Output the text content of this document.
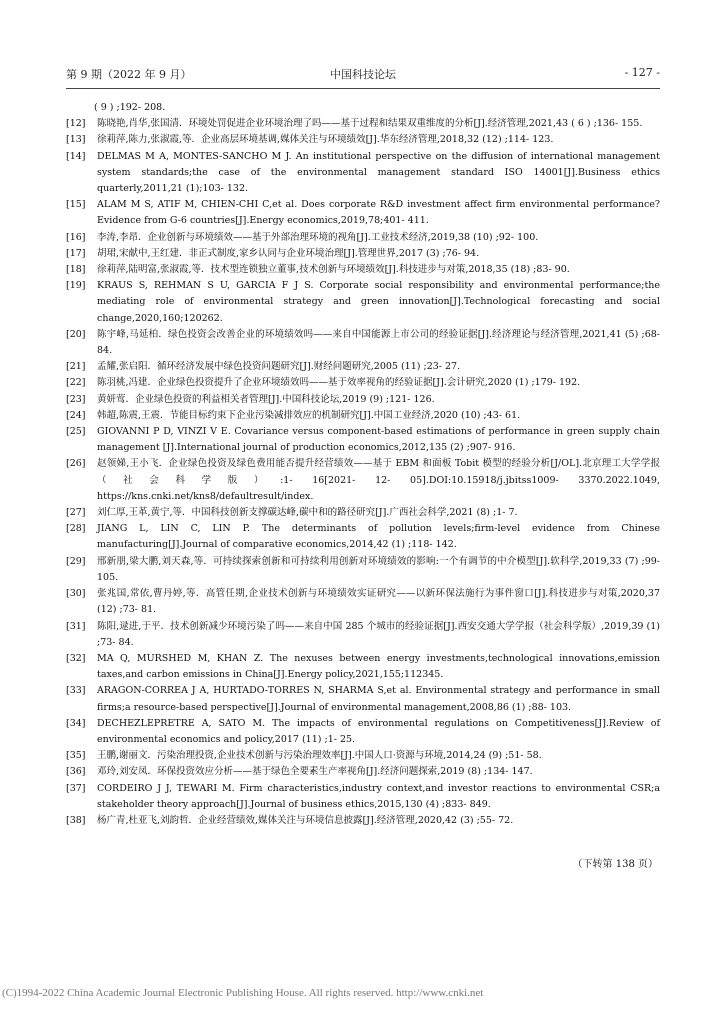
第 9 期（2022 年 9 月）	中国科技论坛	- 127 -
( 9 ) ;192- 208.
[12] 陈晓艳,肖华,张国清．环境处罚促进企业环境治理了吗——基于过程和结果双重维度的分析[J].经济管理,2021,43 ( 6 ) ;136- 155.
[13] 徐莉萍,陈力,张淑霞,等．企业高层环境基调,媒体关注与环境绩效[J].华东经济管理,2018,32 (12) ;114- 123.
[14] DELMAS M A, MONTES-SANCHO M J. An institutional perspective on the diffusion of international management system standards;the case of the environmental management standard ISO 14001[J].Business ethics quarterly,2011,21 (1);103- 132.
[15] ALAM M S, ATIF M, CHIEN-CHI C,et al. Does corporate R&D investment affect firm environmental performance? Evidence from G-6 countries[J].Energy economics,2019,78;401- 411.
[16] 李涛,李昂．企业创新与环境绩效——基于外部治理环境的视角[J].工业技术经济,2019,38 (10) ;92- 100.
[17] 胡珺,宋献中,王红建．非正式制度,家乡认同与企业环境治理[J].管理世界,2017 (3) ;76- 94.
[18] 徐莉萍,陆明富,张淑霞,等．技术型连锁独立董事,技术创新与环境绩效[J].科技进步与对策,2018,35 (18) ;83- 90.
[19] KRAUS S, REHMAN S U, GARCIA F J S. Corporate social responsibility and environmental performance;the mediating role of environmental strategy and green innovation[J].Technological forecasting and social change,2020,160;120262.
[20] 陈宇峰,马延柏．绿色投资会改善企业的环境绩效吗——来自中国能源上市公司的经验证据[J].经济理论与经济管理,2021,41 (5) ;68- 84.
[21] 孟耀,张启阳．循环经济发展中绿色投资问题研究[J].财经问题研究,2005 (11) ;23- 27.
[22] 陈羽桃,冯建．企业绿色投资提升了企业环境绩效吗——基于效率视角的经验证据[J].会计研究,2020 (1) ;179- 192.
[23] 黄妍莺．企业绿色投资的利益相关者管理[J].中国科技论坛,2019 (9) ;121- 126.
[24] 韩超,陈震,王震．节能目标约束下企业污染减排效应的机制研究[J].中国工业经济,2020 (10) ;43- 61.
[25] GIOVANNI P D, VINZI V E. Covariance versus component-based estimations of performance in green supply chain management [J].International journal of production economics,2012,135 (2) ;907- 916.
[26] 赵领娣,王小飞．企业绿色投资及绿色费用能否提升经营绩效——基于 EBM 和面板 Tobit 模型的经验分析[J/OL].北京理工大学学报（社会科学版）:1- 16[2021- 12- 05].DOI:10.15918/j.jbitss1009- 3370.2022.1049, https://kns.cnki.net/kns8/defaultresult/index.
[27] 刘仁厚,王革,黄宁,等．中国科技创新支撑碳达峰,碳中和的路径研究[J].广西社会科学,2021 (8) ;1- 7.
[28] JIANG L, LIN C, LIN P. The determinants of pollution levels;firm-level evidence from Chinese manufacturing[J].Journal of comparative economics,2014,42 (1) ;118- 142.
[29] 邢新朋,梁大鹏,刘天森,等．可持续探索创新和可持续利用创新对环境绩效的影响:一个有调节的中介模型[J].软科学,2019,33 (7) ;99- 105.
[30] 张兆国,常依,曹丹婷,等．高管任期,企业技术创新与环境绩效实证研究——以新环保法施行为事件窗口[J].科技进步与对策,2020,37 (12) ;73- 81.
[31] 陈阳,逯进,于平．技术创新减少环境污染了吗——来自中国 285 个城市的经验证据[J].西安交通大学学报（社会科学版）,2019,39 (1) ;73- 84.
[32] MA Q, MURSHED M, KHAN Z. The nexuses between energy investments,technological innovations,emission taxes,and carbon emissions in China[J].Energy policy,2021,155;112345.
[33] ARAGON-CORREA J A, HURTADO-TORRES N, SHARMA S,et al. Environmental strategy and performance in small firms;a resource-based perspective[J].Journal of environmental management,2008,86 (1) ;88- 103.
[34] DECHEZLEPRETRE A, SATO M. The impacts of environmental regulations on Competitiveness[J].Review of environmental economics and policy,2017 (11) ;1- 25.
[35] 王鹏,谢丽文．污染治理投资,企业技术创新与污染治理效率[J].中国人口·资源与环境,2014,24 (9) ;51- 58.
[36] 邓玲,刘安凤．环保投资效应分析——基于绿色全要素生产率视角[J].经济问题探索,2019 (8) ;134- 147.
[37] CORDEIRO J J, TEWARI M. Firm characteristics,industry context,and investor reactions to environmental CSR;a stakeholder theory approach[J].Journal of business ethics,2015,130 (4) ;833- 849.
[38] 杨广青,杜亚飞,刘韵哲．企业经营绩效,媒体关注与环境信息披露[J].经济管理,2020,42 (3) ;55- 72.
（下转第 138 页）
(C)1994-2022 China Academic Journal Electronic Publishing House. All rights reserved. http://www.cnki.net
